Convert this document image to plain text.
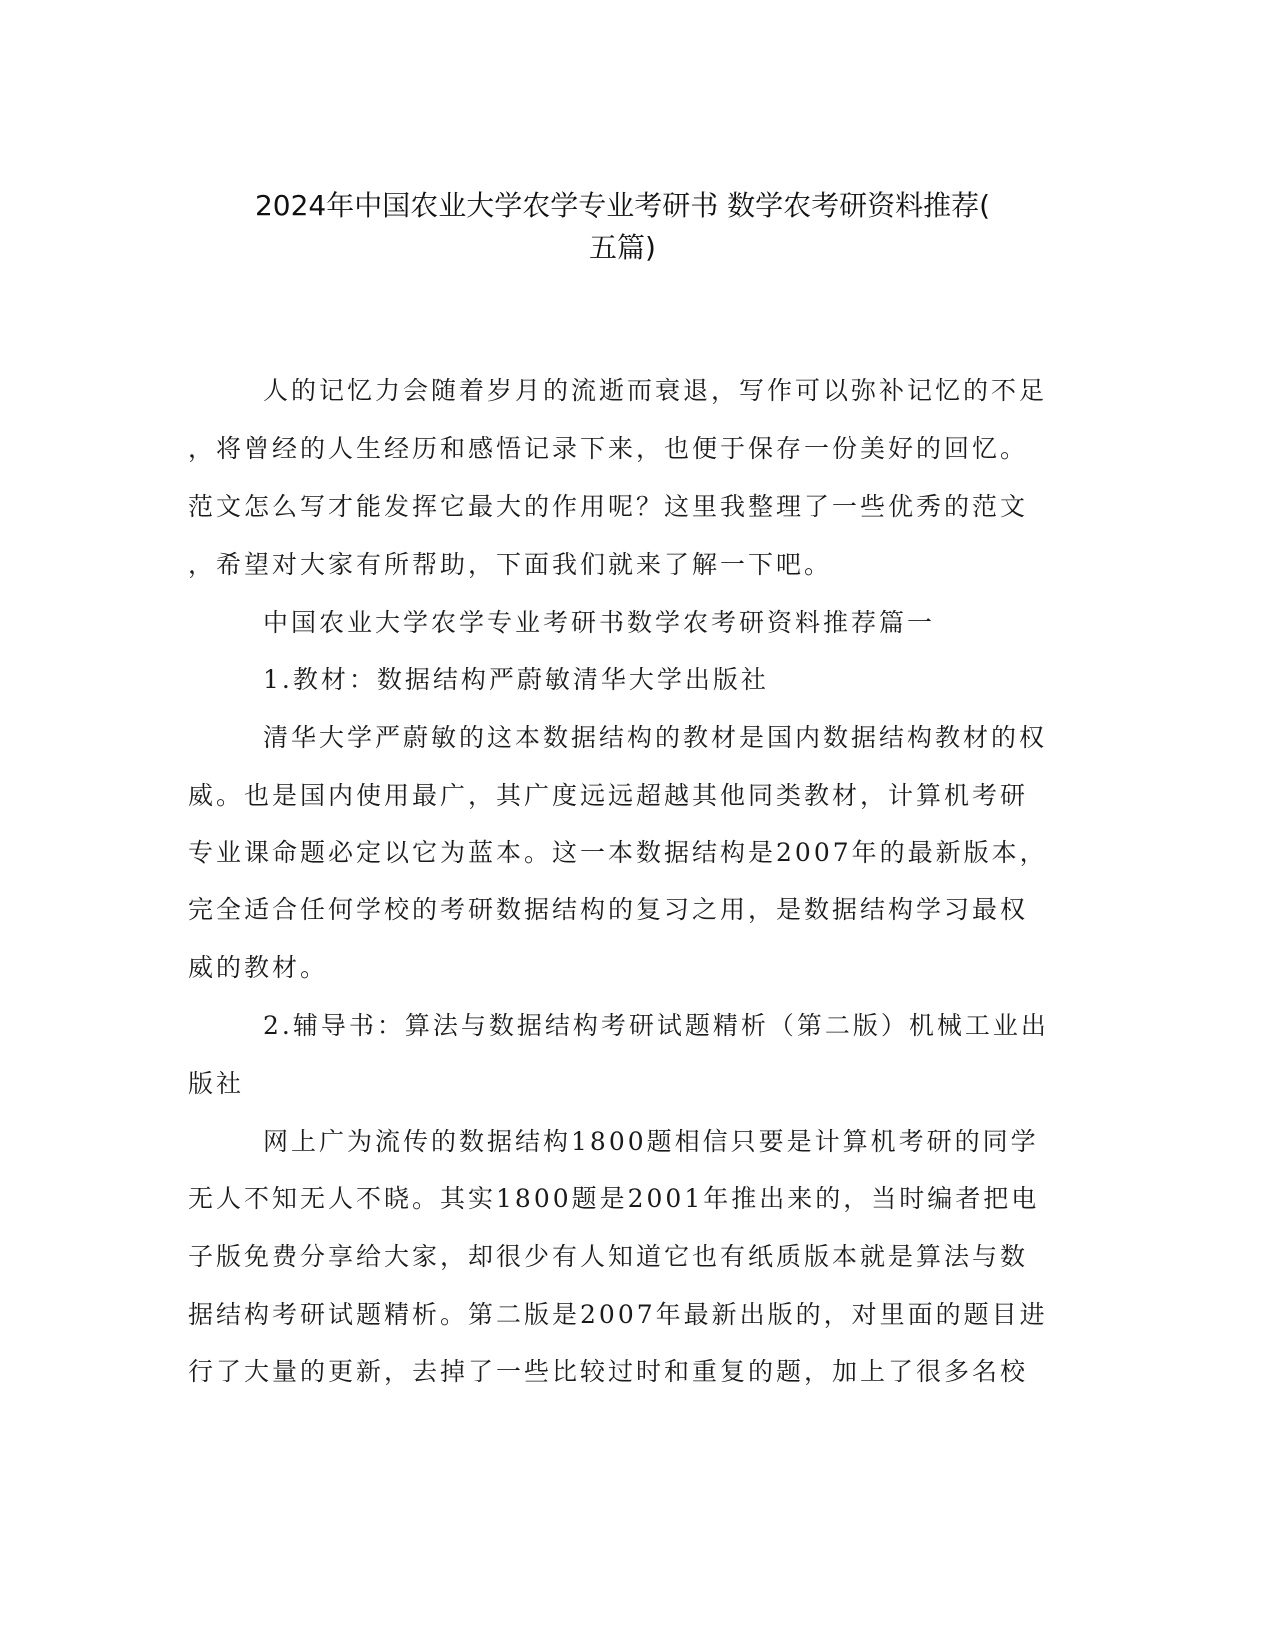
2024年中国农业大学农学专业考研书 数学农考研资料推荐(
五篇)
人的记忆力会随着岁月的流逝而衰退，写作可以弥补记忆的不足
，将曾经的人生经历和感悟记录下来，也便于保存一份美好的回忆。
范文怎么写才能发挥它最大的作用呢？这里我整理了一些优秀的范文
，希望对大家有所帮助，下面我们就来了解一下吧。
中国农业大学农学专业考研书数学农考研资料推荐篇一
1.教材：数据结构严蔚敏清华大学出版社
清华大学严蔚敏的这本数据结构的教材是国内数据结构教材的权
威。也是国内使用最广，其广度远远超越其他同类教材，计算机考研
专业课命题必定以它为蓝本。这一本数据结构是2007年的最新版本，
完全适合任何学校的考研数据结构的复习之用，是数据结构学习最权
威的教材。
2.辅导书：算法与数据结构考研试题精析（第二版）机械工业出
版社
网上广为流传的数据结构1800题相信只要是计算机考研的同学
无人不知无人不晓。其实1800题是2001年推出来的，当时编者把电
子版免费分享给大家，却很少有人知道它也有纸质版本就是算法与数
据结构考研试题精析。第二版是2007年最新出版的，对里面的题目进
行了大量的更新，去掉了一些比较过时和重复的题，加上了很多名校
